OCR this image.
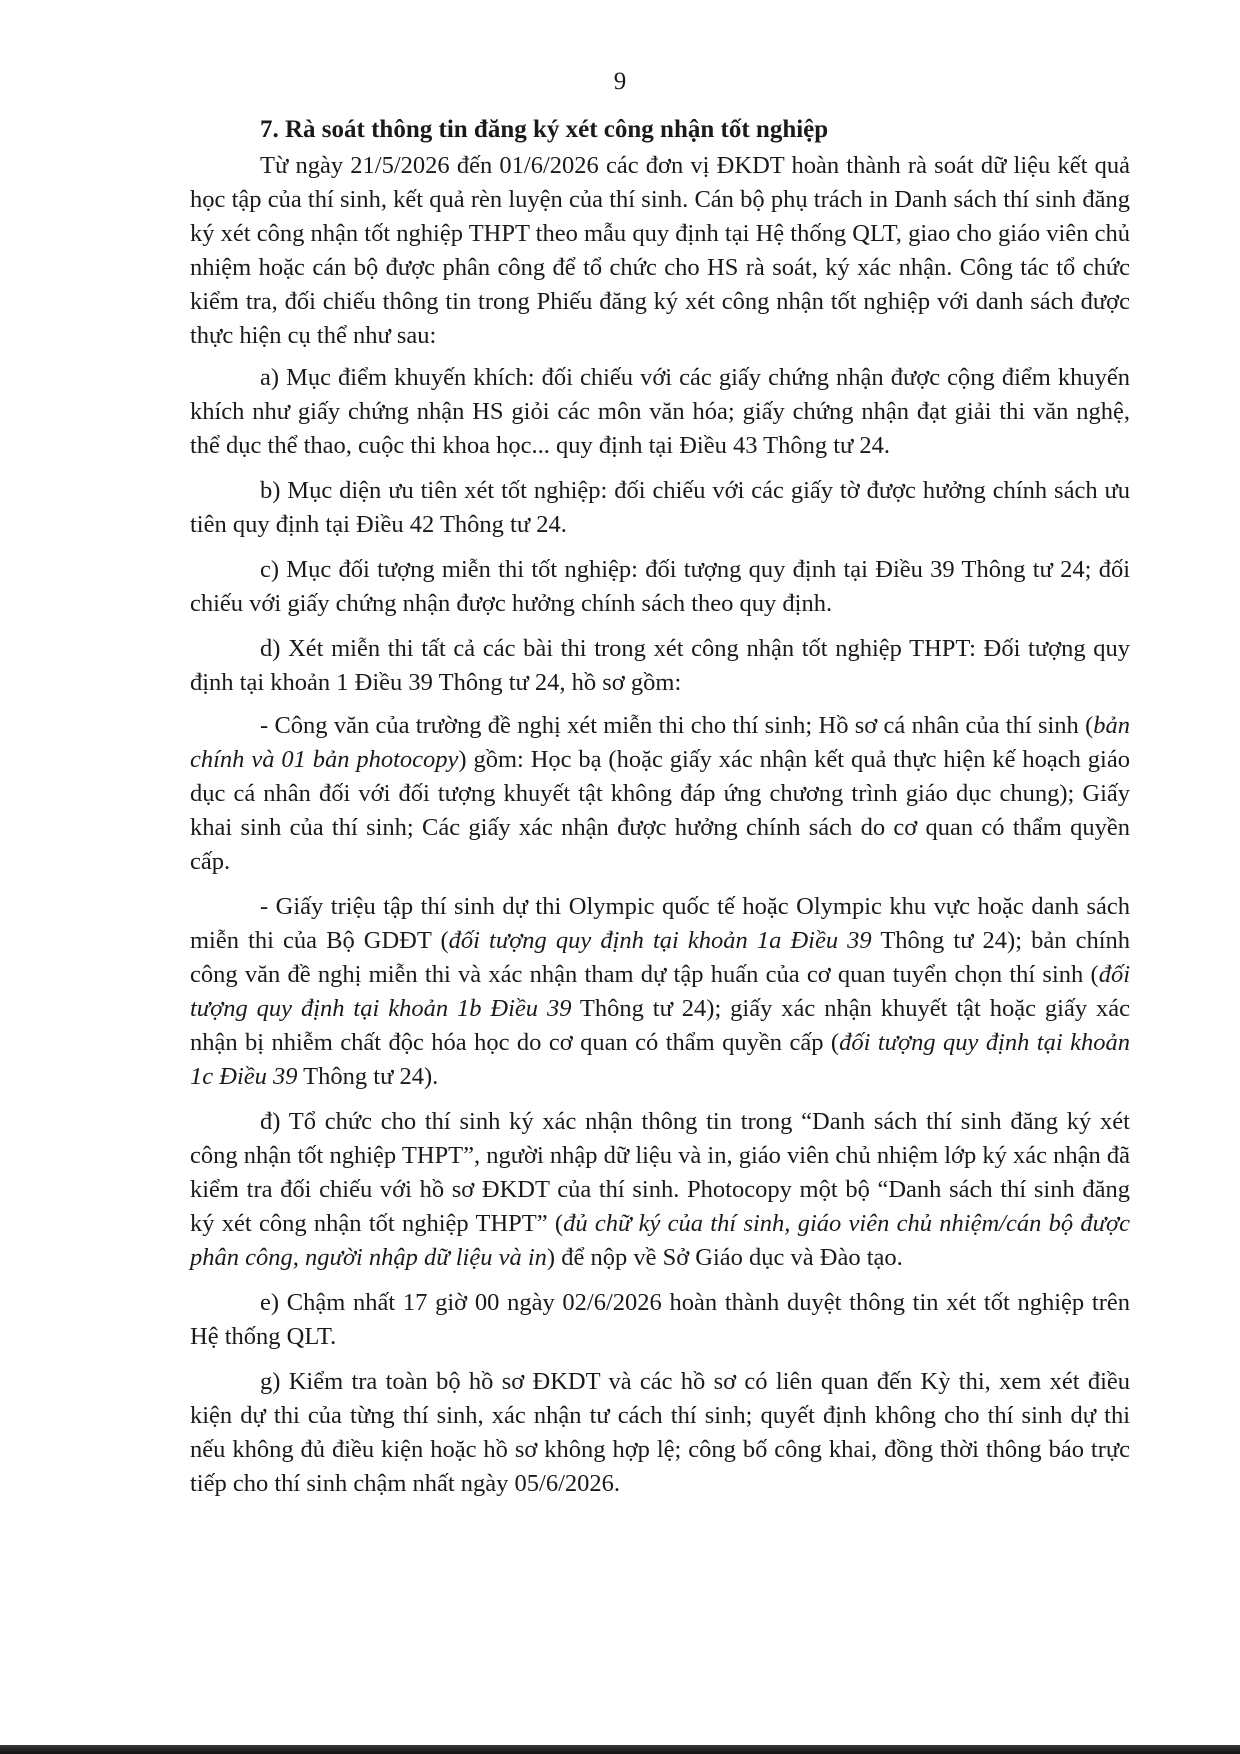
9

7. Rà soát thông tin đăng ký xét công nhận tốt nghiệp

Từ ngày 21/5/2026 đến 01/6/2026 các đơn vị ĐKDT hoàn thành rà soát dữ liệu kết quả học tập của thí sinh, kết quả rèn luyện của thí sinh. Cán bộ phụ trách in Danh sách thí sinh đăng ký xét công nhận tốt nghiệp THPT theo mẫu quy định tại Hệ thống QLT, giao cho giáo viên chủ nhiệm hoặc cán bộ được phân công để tổ chức cho HS rà soát, ký xác nhận. Công tác tổ chức kiểm tra, đối chiếu thông tin trong Phiếu đăng ký xét công nhận tốt nghiệp với danh sách được thực hiện cụ thể như sau:

a) Mục điểm khuyến khích: đối chiếu với các giấy chứng nhận được cộng điểm khuyến khích như giấy chứng nhận HS giỏi các môn văn hóa; giấy chứng nhận đạt giải thi văn nghệ, thể dục thể thao, cuộc thi khoa học... quy định tại Điều 43 Thông tư 24.

b) Mục diện ưu tiên xét tốt nghiệp: đối chiếu với các giấy tờ được hưởng chính sách ưu tiên quy định tại Điều 42 Thông tư 24.

c) Mục đối tượng miễn thi tốt nghiệp: đối tượng quy định tại Điều 39 Thông tư 24; đối chiếu với giấy chứng nhận được hưởng chính sách theo quy định.

d) Xét miễn thi tất cả các bài thi trong xét công nhận tốt nghiệp THPT: Đối tượng quy định tại khoản 1 Điều 39 Thông tư 24, hồ sơ gồm:

- Công văn của trường đề nghị xét miễn thi cho thí sinh; Hồ sơ cá nhân của thí sinh (bản chính và 01 bản photocopy) gồm: Học bạ (hoặc giấy xác nhận kết quả thực hiện kế hoạch giáo dục cá nhân đối với đối tượng khuyết tật không đáp ứng chương trình giáo dục chung); Giấy khai sinh của thí sinh; Các giấy xác nhận được hưởng chính sách do cơ quan có thẩm quyền cấp.

- Giấy triệu tập thí sinh dự thi Olympic quốc tế hoặc Olympic khu vực hoặc danh sách miễn thi của Bộ GDĐT (đối tượng quy định tại khoản 1a Điều 39 Thông tư 24); bản chính công văn đề nghị miễn thi và xác nhận tham dự tập huấn của cơ quan tuyển chọn thí sinh (đối tượng quy định tại khoản 1b Điều 39 Thông tư 24); giấy xác nhận khuyết tật hoặc giấy xác nhận bị nhiễm chất độc hóa học do cơ quan có thẩm quyền cấp (đối tượng quy định tại khoản 1c Điều 39 Thông tư 24).

đ) Tổ chức cho thí sinh ký xác nhận thông tin trong “Danh sách thí sinh đăng ký xét công nhận tốt nghiệp THPT”, người nhập dữ liệu và in, giáo viên chủ nhiệm lớp ký xác nhận đã kiểm tra đối chiếu với hồ sơ ĐKDT của thí sinh. Photocopy một bộ “Danh sách thí sinh đăng ký xét công nhận tốt nghiệp THPT” (đủ chữ ký của thí sinh, giáo viên chủ nhiệm/cán bộ được phân công, người nhập dữ liệu và in) để nộp về Sở Giáo dục và Đào tạo.

e) Chậm nhất 17 giờ 00 ngày 02/6/2026 hoàn thành duyệt thông tin xét tốt nghiệp trên Hệ thống QLT.

g) Kiểm tra toàn bộ hồ sơ ĐKDT và các hồ sơ có liên quan đến Kỳ thi, xem xét điều kiện dự thi của từng thí sinh, xác nhận tư cách thí sinh; quyết định không cho thí sinh dự thi nếu không đủ điều kiện hoặc hồ sơ không hợp lệ; công bố công khai, đồng thời thông báo trực tiếp cho thí sinh chậm nhất ngày 05/6/2026.
